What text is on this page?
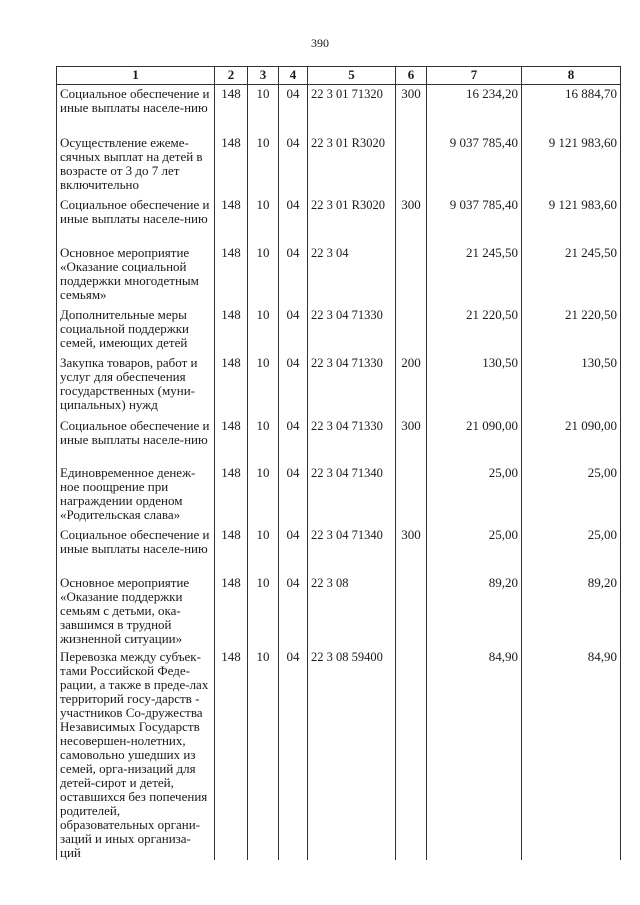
390
1	2	3	4	5	6	7	8
Социальное обеспечение и иные выплаты населе-нию	148	10	04	22 3 01 71320	300	16 234,20	16 884,70
Осуществление ежеме-сячных выплат на детей в возрасте от 3 до 7 лет включительно	148	10	04	22 3 01 R3020		9 037 785,40	9 121 983,60
Социальное обеспечение и иные выплаты населе-нию	148	10	04	22 3 01 R3020	300	9 037 785,40	9 121 983,60
Основное мероприятие «Оказание социальной поддержки многодетным семьям»	148	10	04	22 3 04		21 245,50	21 245,50
Дополнительные меры социальной поддержки семей, имеющих детей	148	10	04	22 3 04 71330		21 220,50	21 220,50
Закупка товаров, работ и услуг для обеспечения государственных (муни-ципальных) нужд	148	10	04	22 3 04 71330	200	130,50	130,50
Социальное обеспечение и иные выплаты населе-нию	148	10	04	22 3 04 71330	300	21 090,00	21 090,00
Единовременное денеж-ное поощрение при награждении орденом «Родительская слава»	148	10	04	22 3 04 71340		25,00	25,00
Социальное обеспечение и иные выплаты населе-нию	148	10	04	22 3 04 71340	300	25,00	25,00
Основное мероприятие «Оказание поддержки семьям с детьми, ока-завшимся в трудной жизненной ситуации»	148	10	04	22 3 08		89,20	89,20
Перевозка между субъек-тами Российской Феде-рации, а также в преде-лах территорий госу-дарств - участников Со-дружества Независимых Государств несовершен-нолетних, самовольно ушедших из семей, орга-низаций для детей-сирот и детей, оставшихся без попечения родителей, образовательных органи-заций и иных организа-ций	148	10	04	22 3 08 59400		84,90	84,90
